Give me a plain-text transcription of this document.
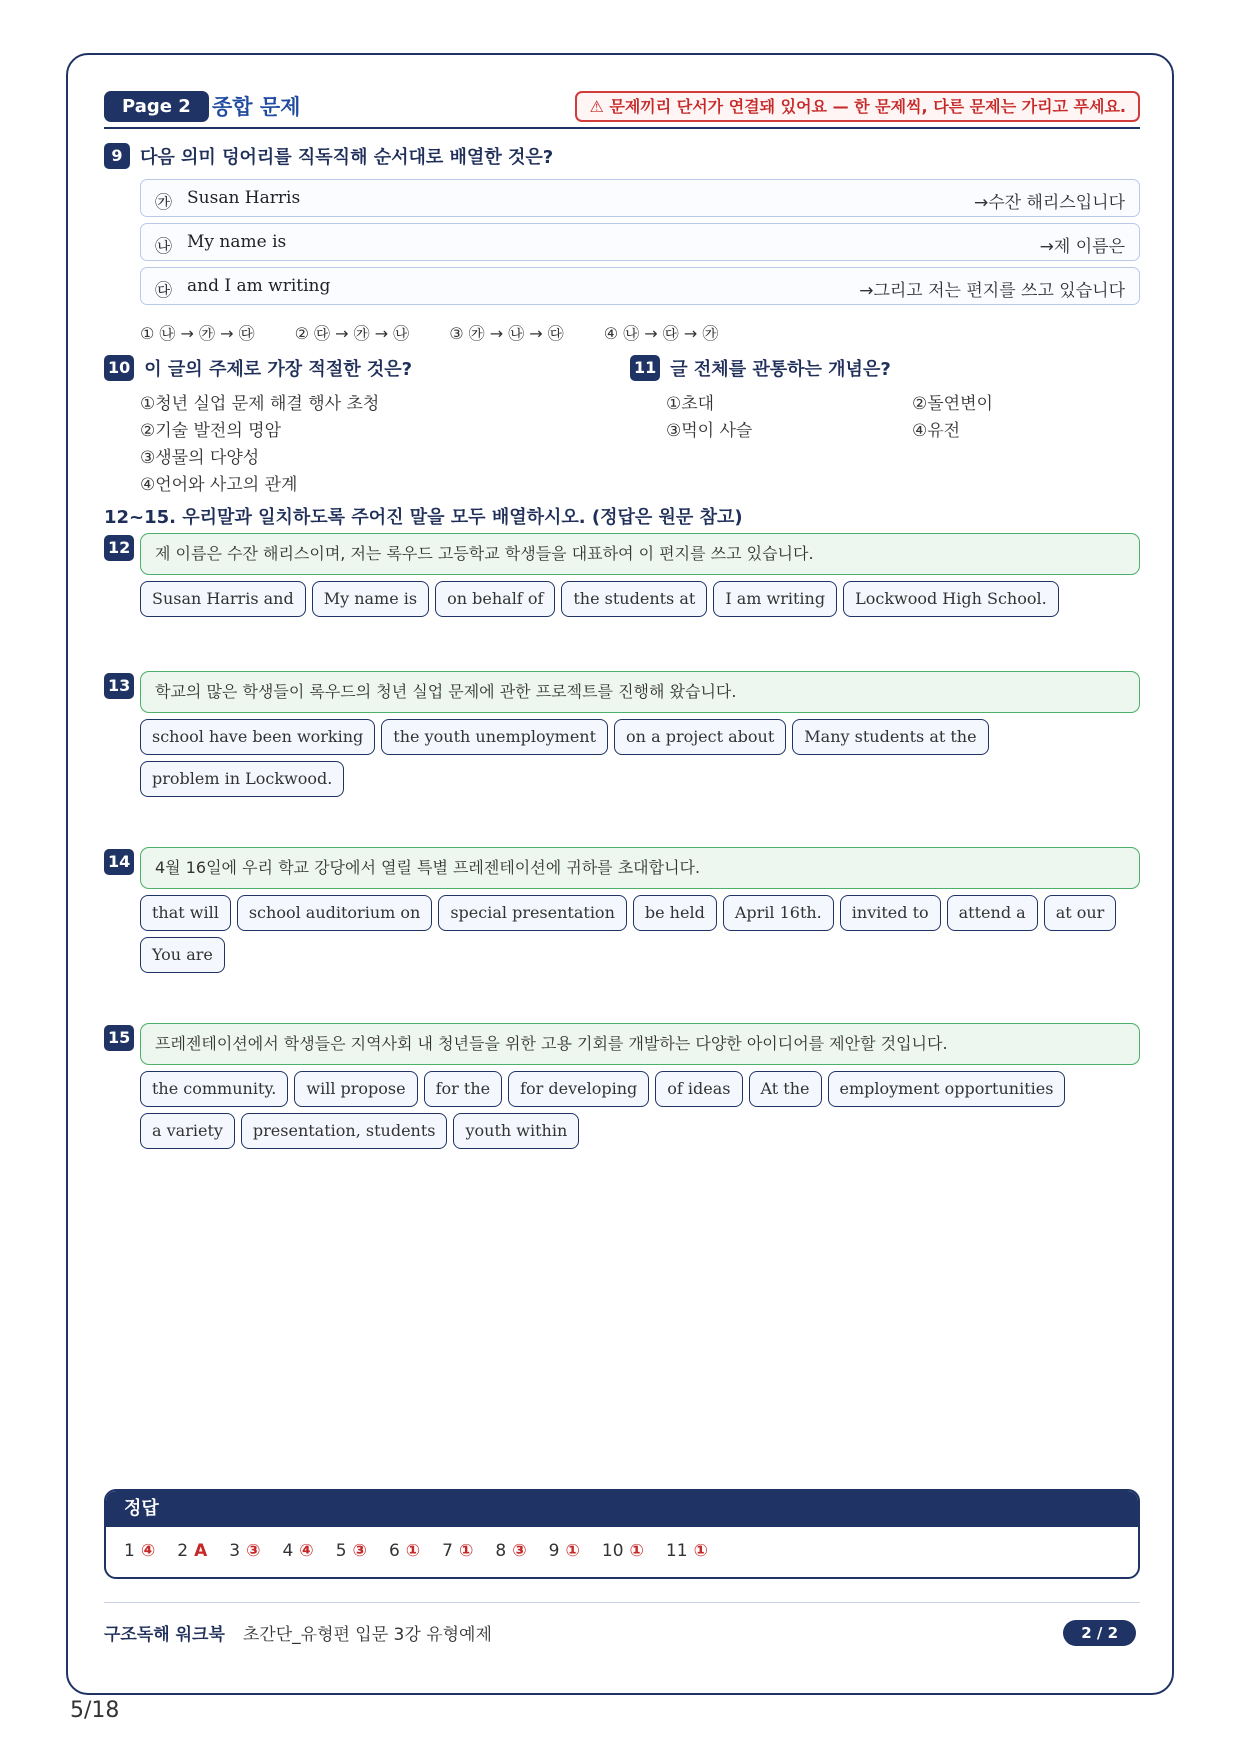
Page 2	종합 문제	⚠ 문제끼리 단서가 연결돼 있어요 — 한 문제씩, 다른 문제는 가리고 푸세요.
9 다음 의미 덩어리를 직독직해 순서대로 배열한 것은?
㉮ Susan Harris	→수잔 해리스입니다
㉯ My name is	→제 이름은
㉰ and I am writing	→그리고 저는 편지를 쓰고 있습니다
① ㉯ → ㉮ → ㉰	② ㉰ → ㉮ → ㉯	③ ㉮ → ㉯ → ㉰	④ ㉯ → ㉰ → ㉮
10 이 글의 주제로 가장 적절한 것은?
①청년 실업 문제 해결 행사 초청
②기술 발전의 명암
③생물의 다양성
④언어와 사고의 관계
11 글 전체를 관통하는 개념은?
①초대	②돌연변이
③먹이 사슬	④유전
12~15. 우리말과 일치하도록 주어진 말을 모두 배열하시오. (정답은 원문 참고)
12	제 이름은 수잔 해리스이며, 저는 록우드 고등학교 학생들을 대표하여 이 편지를 쓰고 있습니다.
Susan Harris and	My name is	on behalf of	the students at	I am writing	Lockwood High School.
13	학교의 많은 학생들이 록우드의 청년 실업 문제에 관한 프로젝트를 진행해 왔습니다.
school have been working	the youth unemployment	on a project about	Many students at the
problem in Lockwood.
14	4월 16일에 우리 학교 강당에서 열릴 특별 프레젠테이션에 귀하를 초대합니다.
that will	school auditorium on	special presentation	be held	April 16th.	invited to	attend a	at our
You are
15	프레젠테이션에서 학생들은 지역사회 내 청년들을 위한 고용 기회를 개발하는 다양한 아이디어를 제안할 것입니다.
the community.	will propose	for the	for developing	of ideas	At the	employment opportunities
a variety	presentation, students	youth within
정답
1 ④ 2 A 3 ③ 4 ④ 5 ③ 6 ① 7 ① 8 ③ 9 ① 10 ① 11 ①
구조독해 워크북 초간단_유형편 입문 3강 유형예제	2 / 2
5/18
